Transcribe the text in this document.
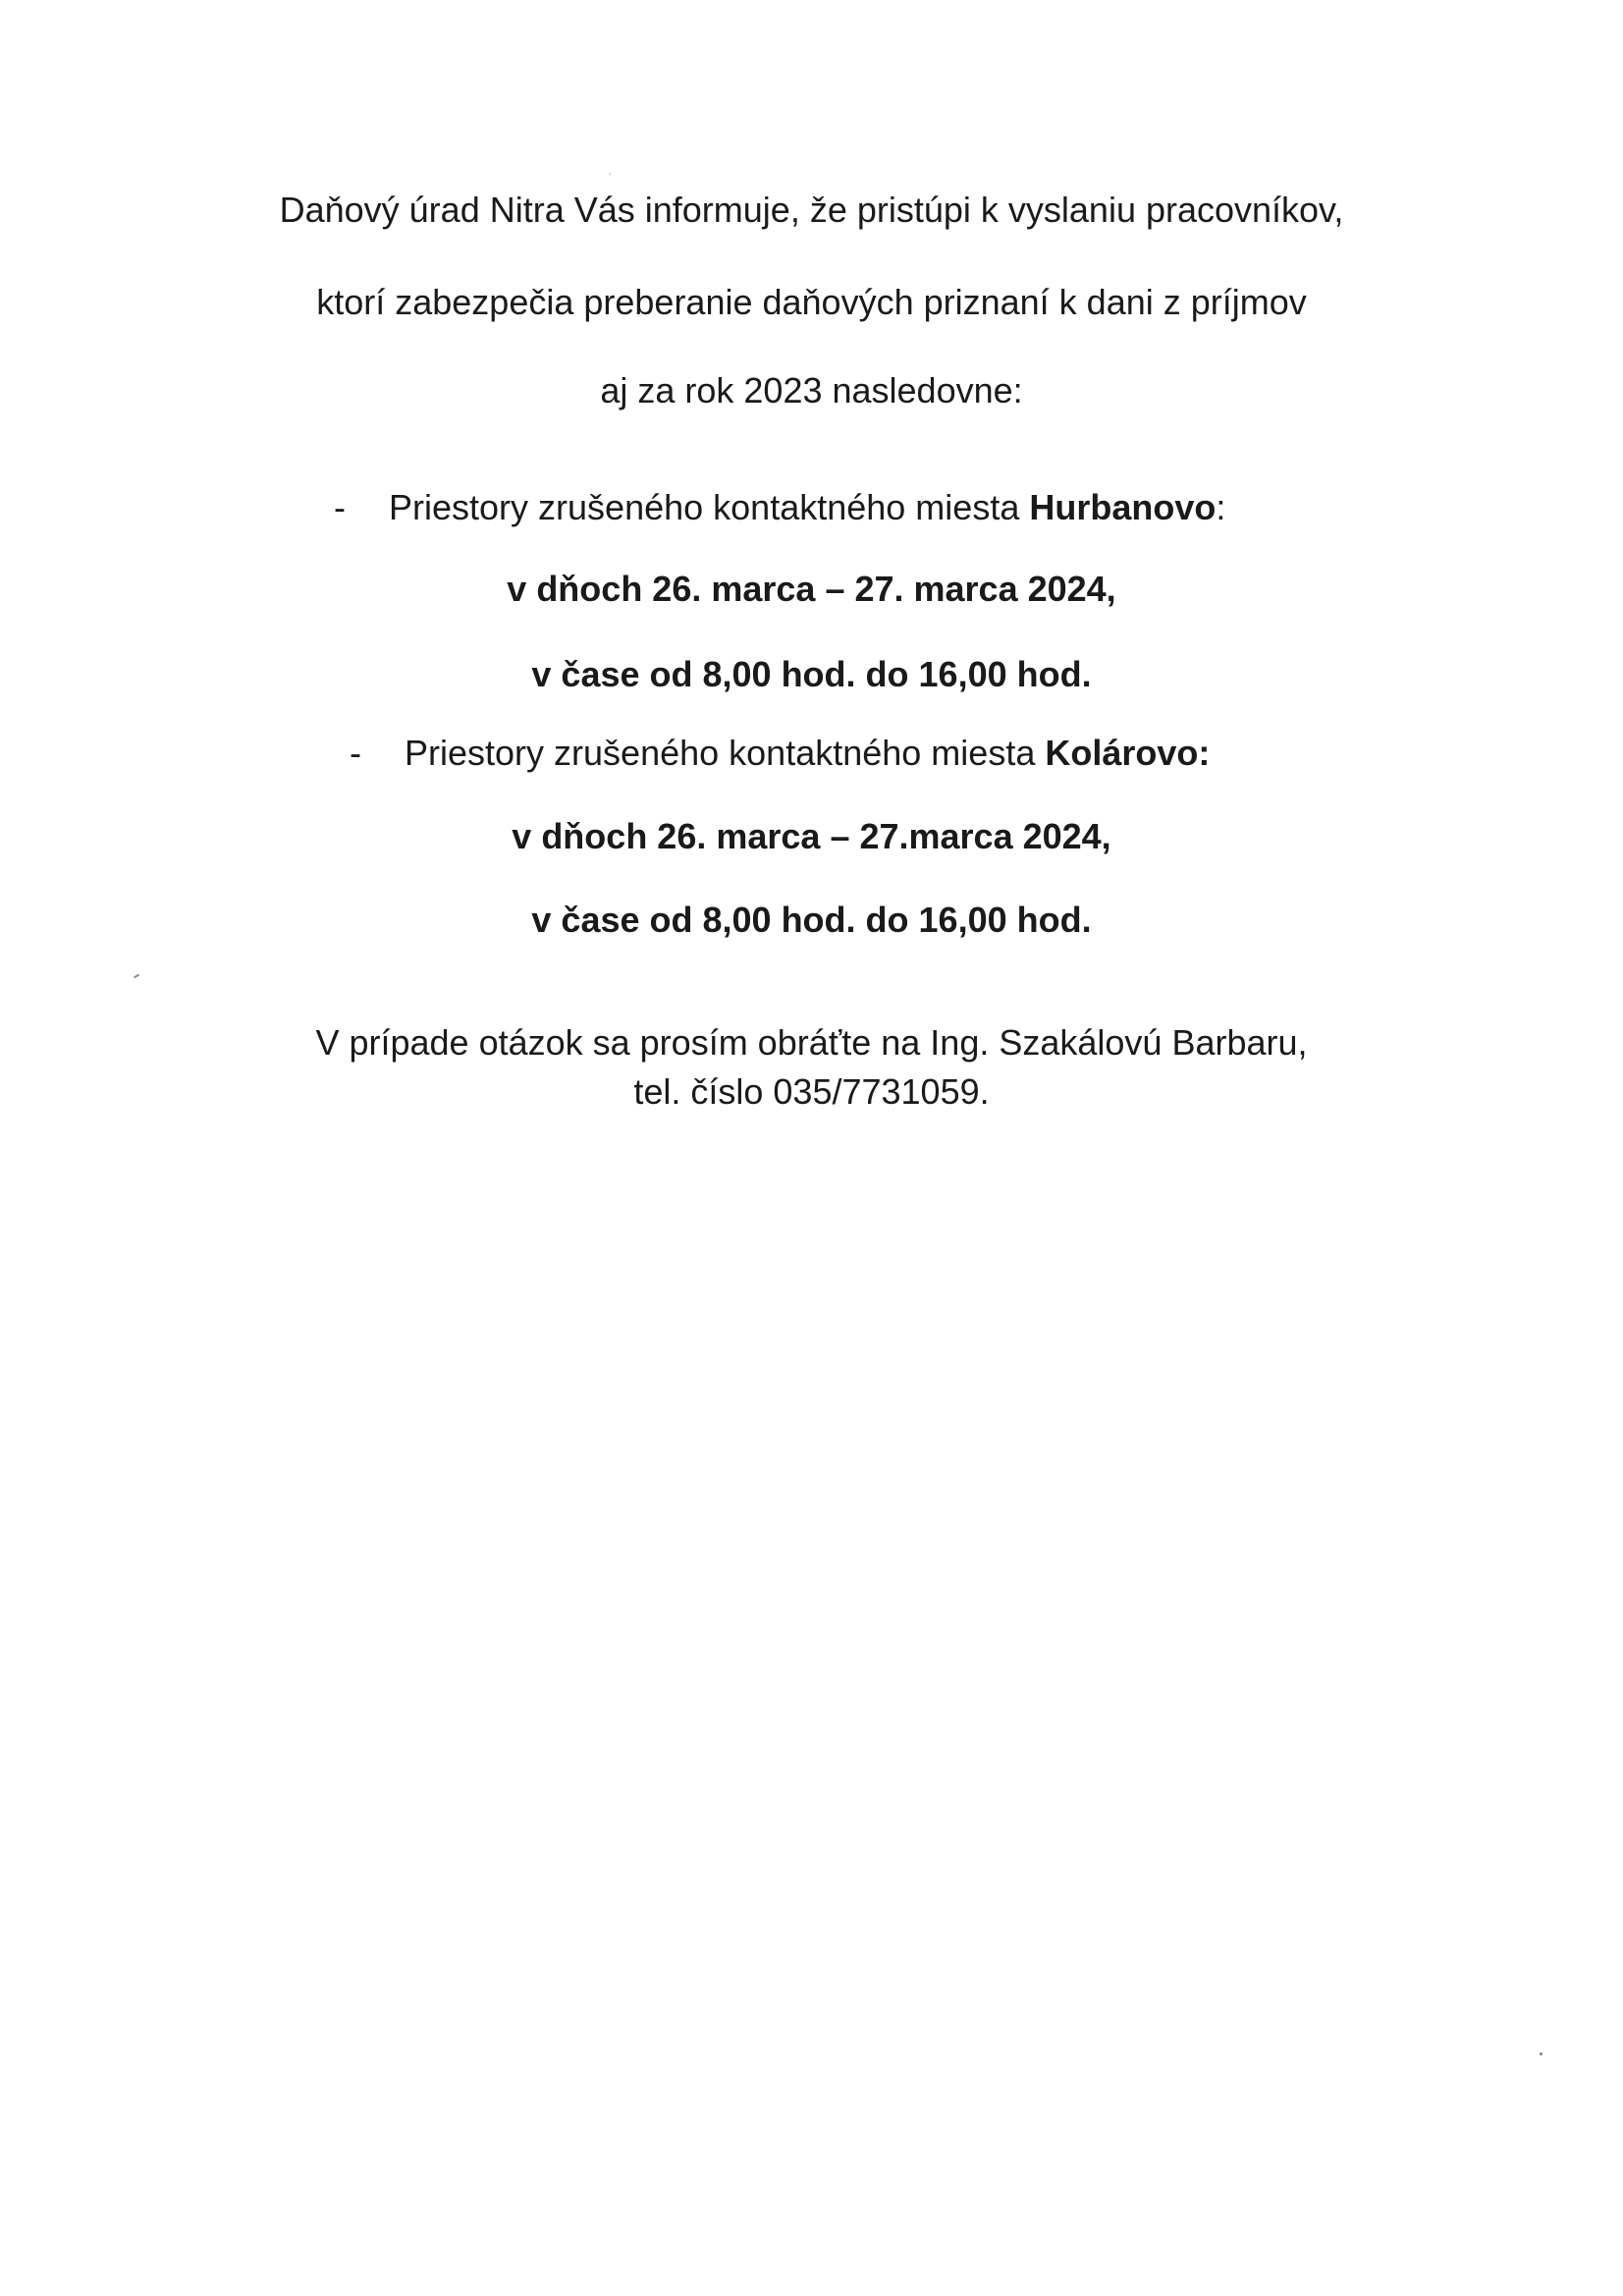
Daňový úrad Nitra Vás informuje, že pristúpi k vyslaniu pracovníkov,
ktorí zabezpečia preberanie daňových priznaní k dani z príjmov
aj za rok 2023 nasledovne:
- Priestory zrušeného kontaktného miesta Hurbanovo:
v dňoch 26. marca – 27. marca 2024,
v čase od 8,00 hod. do 16,00 hod.
- Priestory zrušeného kontaktného miesta Kolárovo:
v dňoch 26. marca – 27.marca 2024,
v čase od 8,00 hod. do 16,00 hod.
V prípade otázok sa prosím obráťte na Ing. Szakálovú Barbaru,
tel. číslo 035/7731059.
